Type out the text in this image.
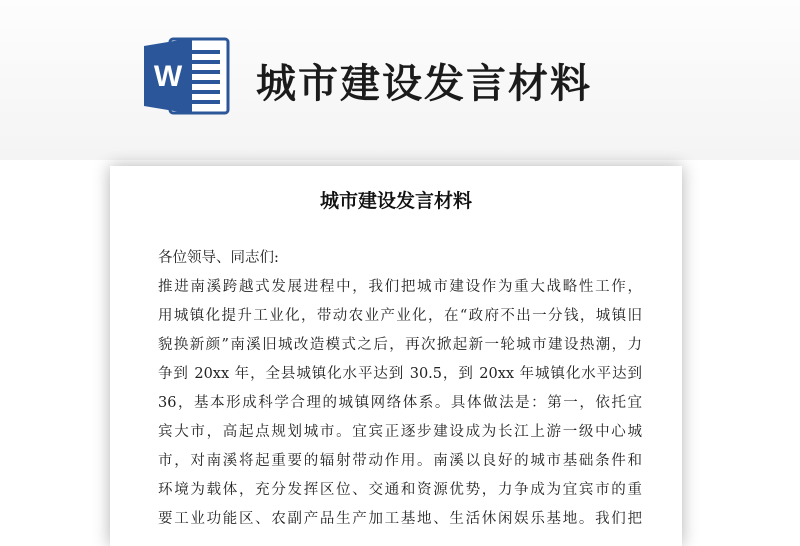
W 城市建设发言材料
城市建设发言材料
各位领导、同志们:
推进南溪跨越式发展进程中，我们把城市建设作为重大战略性工作，
用城镇化提升工业化，带动农业产业化，在“政府不出一分钱，城镇旧
貌换新颜”南溪旧城改造模式之后，再次掀起新一轮城市建设热潮，力
争到 20xx 年，全县城镇化水平达到 30.5，到 20xx 年城镇化水平达到
36，基本形成科学合理的城镇网络体系。具体做法是：第一，依托宜
宾大市，高起点规划城市。宜宾正逐步建设成为长江上游一级中心城
市，对南溪将起重要的辐射带动作用。南溪以良好的城市基础条件和
环境为载体，充分发挥区位、交通和资源优势，力争成为宜宾市的重
要工业功能区、农副产品生产加工基地、生活休闲娱乐基地。我们把
